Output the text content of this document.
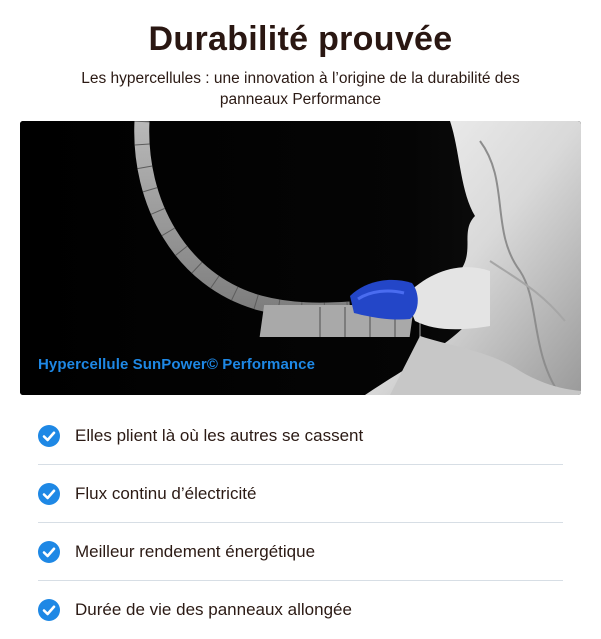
Durabilité prouvée

Les hypercellules : une innovation à l’origine de la durabilité des panneaux Performance

Hypercellule SunPower© Performance
Elles plient là où les autres se cassent
Flux continu d’électricité
Meilleur rendement énergétique
Durée de vie des panneaux allongée
